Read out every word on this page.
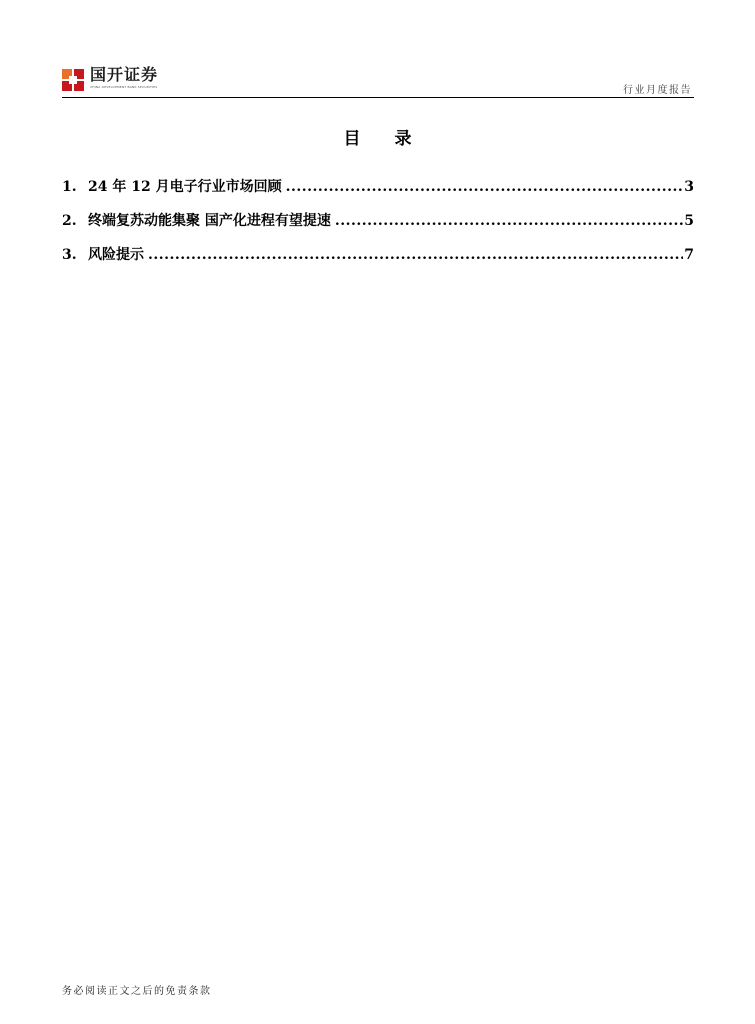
国开证券
CHINA DEVELOPMENT BANK SECURITIES	行业月度报告
目 录
1. 24 年 12 月电子行业市场回顾 .....	3
2. 终端复苏动能集聚 国产化进程有望提速 .....	5
3. 风险提示 .....	7
务必阅读正文之后的免责条款
